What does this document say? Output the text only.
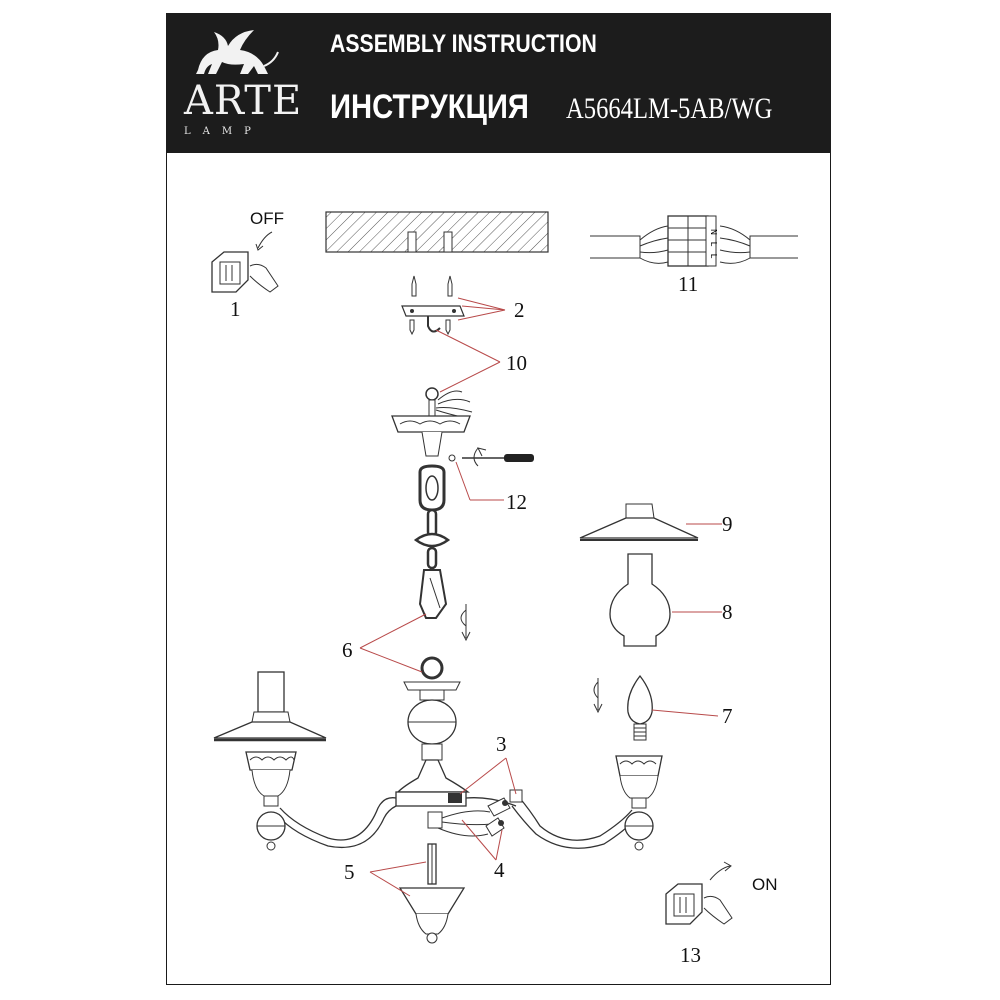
ARTE
LAMP
ASSEMBLY INSTRUCTION
ИНСТРУКЦИЯ A5664LM-5AB/WG
N
L
L
OFF
ON
1	2
3
4
5
6
7
8
9
10
11
12
13
